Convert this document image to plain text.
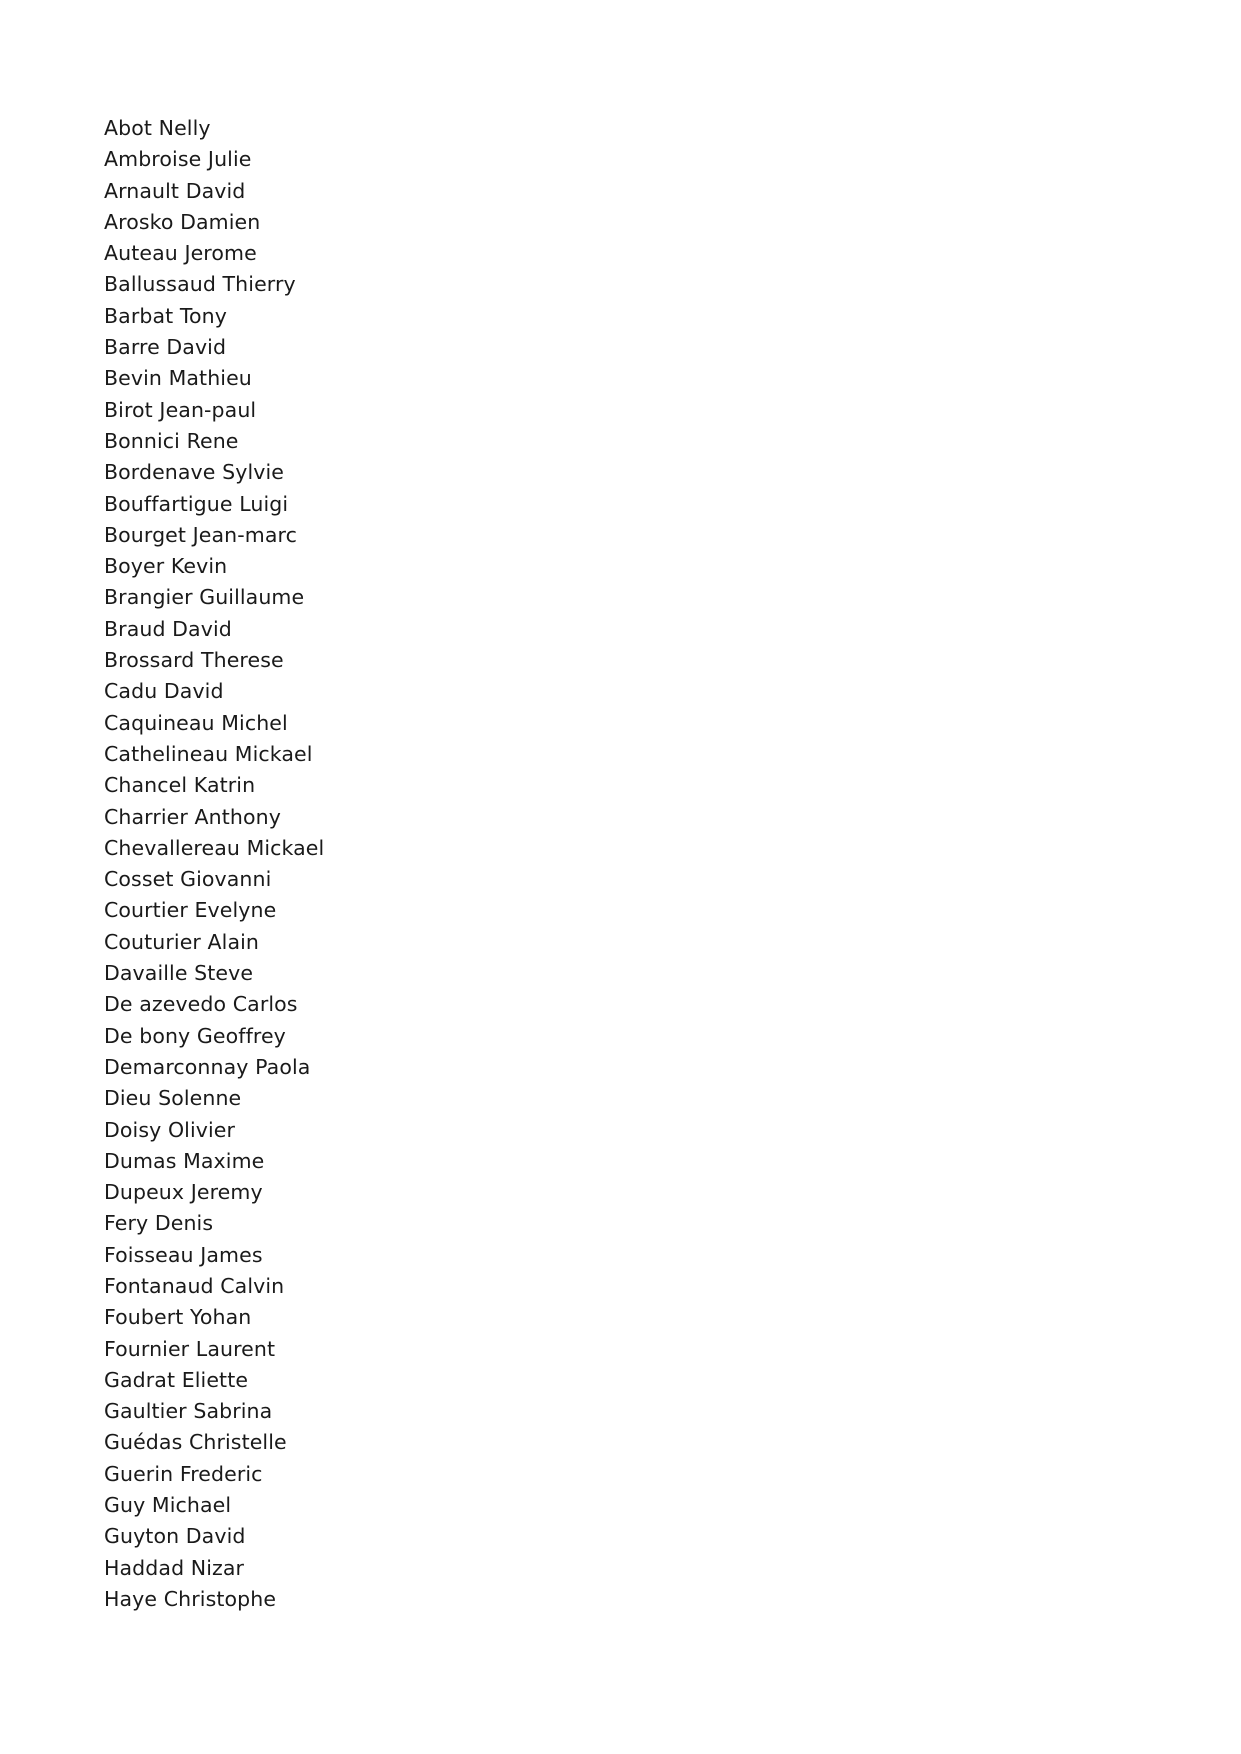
Abot Nelly
Ambroise Julie
Arnault David
Arosko Damien
Auteau Jerome
Ballussaud Thierry
Barbat Tony
Barre David
Bevin Mathieu
Birot Jean-paul
Bonnici Rene
Bordenave Sylvie
Bouffartigue Luigi
Bourget Jean-marc
Boyer Kevin
Brangier Guillaume
Braud David
Brossard Therese
Cadu David
Caquineau Michel
Cathelineau Mickael
Chancel Katrin
Charrier Anthony
Chevallereau Mickael
Cosset Giovanni
Courtier Evelyne
Couturier Alain
Davaille Steve
De azevedo Carlos
De bony Geoffrey
Demarconnay Paola
Dieu Solenne
Doisy Olivier
Dumas Maxime
Dupeux Jeremy
Fery Denis
Foisseau James
Fontanaud Calvin
Foubert Yohan
Fournier Laurent
Gadrat Eliette
Gaultier Sabrina
Guédas Christelle
Guerin Frederic
Guy Michael
Guyton David
Haddad Nizar
Haye Christophe
